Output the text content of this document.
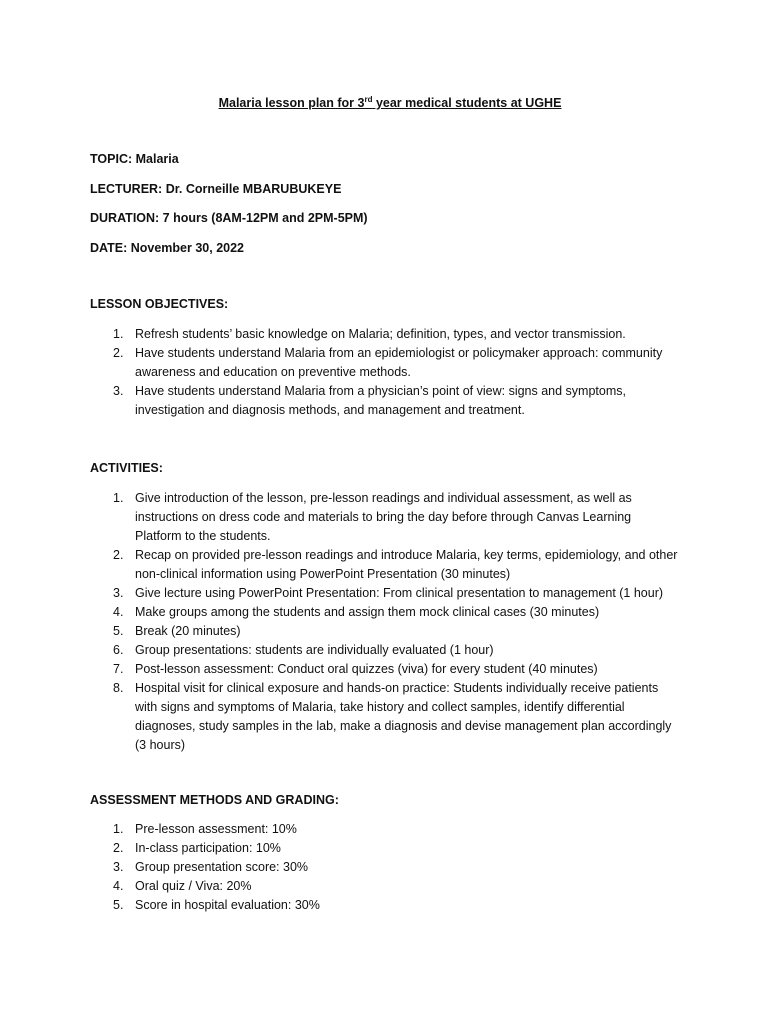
Malaria lesson plan for 3rd year medical students at UGHE
TOPIC: Malaria
LECTURER: Dr. Corneille MBARUBUKEYE
DURATION: 7 hours (8AM-12PM and 2PM-5PM)
DATE: November 30, 2022
LESSON OBJECTIVES:
1. Refresh students’ basic knowledge on Malaria; definition, types, and vector transmission.
2. Have students understand Malaria from an epidemiologist or policymaker approach: community awareness and education on preventive methods.
3. Have students understand Malaria from a physician’s point of view: signs and symptoms, investigation and diagnosis methods, and management and treatment.
ACTIVITIES:
1. Give introduction of the lesson, pre-lesson readings and individual assessment, as well as instructions on dress code and materials to bring the day before through Canvas Learning Platform to the students.
2. Recap on provided pre-lesson readings and introduce Malaria, key terms, epidemiology, and other non-clinical information using PowerPoint Presentation (30 minutes)
3. Give lecture using PowerPoint Presentation: From clinical presentation to management (1 hour)
4. Make groups among the students and assign them mock clinical cases (30 minutes)
5. Break (20 minutes)
6. Group presentations: students are individually evaluated (1 hour)
7. Post-lesson assessment: Conduct oral quizzes (viva) for every student (40 minutes)
8. Hospital visit for clinical exposure and hands-on practice: Students individually receive patients with signs and symptoms of Malaria, take history and collect samples, identify differential diagnoses, study samples in the lab, make a diagnosis and devise management plan accordingly (3 hours)
ASSESSMENT METHODS AND GRADING:
1. Pre-lesson assessment: 10%
2. In-class participation: 10%
3. Group presentation score: 30%
4. Oral quiz / Viva: 20%
5. Score in hospital evaluation: 30%
